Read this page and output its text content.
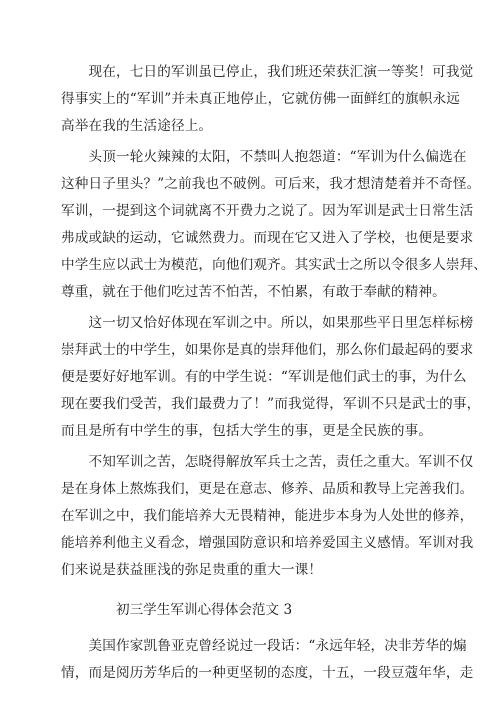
　　现在，七日的军训虽已停止，我们班还荣获汇演一等奖！可我觉
得事实上的“军训”并未真正地停止，它就仿佛一面鲜红的旗帜永远
高举在我的生活途径上。
　　头顶一轮火辣辣的太阳，不禁叫人抱怨道：“军训为什么偏选在
这种日子里头？”之前我也不破例。可后来，我才想清楚着并不奇怪。
军训，一提到这个词就离不开费力之说了。因为军训是武士日常生活
弗成或缺的运动，它诚然费力。而现在它又进入了学校，也便是要求
中学生应以武士为模范，向他们观齐。其实武士之所以令很多人崇拜、
尊重，就在于他们吃过苦不怕苦，不怕累，有敢于奉献的精神。
　　这一切又恰好体现在军训之中。所以，如果那些平日里怎样标榜
崇拜武士的中学生，如果你是真的崇拜他们，那么你们最起码的要求
便是要好好地军训。有的中学生说：“军训是他们武士的事，为什么
现在要我们受苦，我们最费力了！”而我觉得，军训不只是武士的事，
而且是所有中学生的事，包括大学生的事，更是全民族的事。
　　不知军训之苦，怎晓得解放军兵士之苦，责任之重大。军训不仅
是在身体上熬炼我们，更是在意志、修养、品质和教导上完善我们。
在军训之中，我们能培养大无畏精神，能进步本身为人处世的修养，
能培养利他主义看念，增强国防意识和培养爱国主义感情。军训对我
们来说是获益匪浅的弥足贵重的重大一课！
初三学生军训心得体会范文 3
　　美国作家凯鲁亚克曾经说过一段话：“永远年轻，决非芳华的煽
情，而是阅历芳华后的一种更坚韧的态度，十五，一段豆蔻年华，走
